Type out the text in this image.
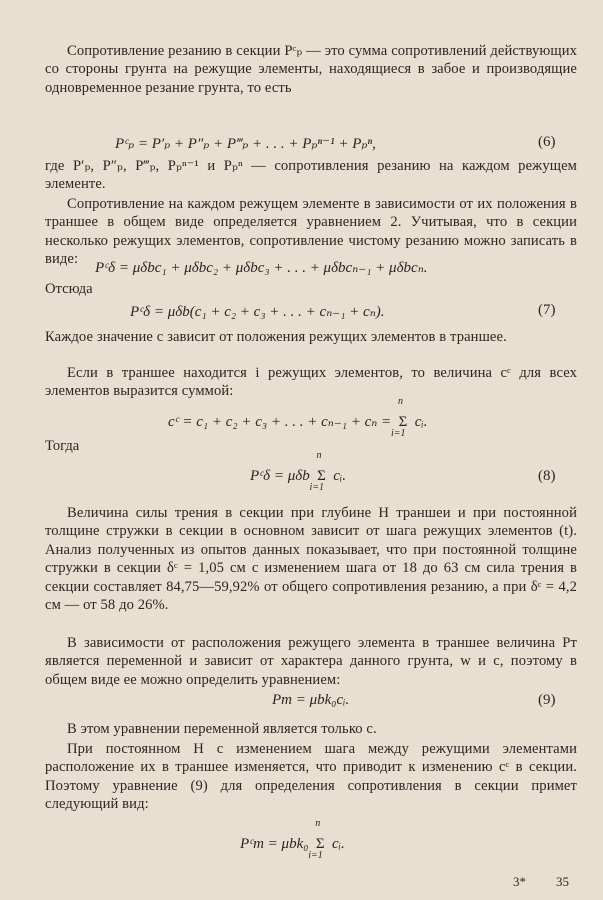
Сопротивление резанию в секции Pᶜₚ — это сумма сопротивлений действующих со стороны грунта на режущие элементы, находящиеся в забое и производящие одновременное резание грунта, то есть
Pᶜₚ = P′ₚ + P″ₚ + P‴ₚ + . . . + Pₚⁿ⁻¹ + Pₚⁿ,	(6)
где P′ₚ, P″ₚ, P‴ₚ, Pₚⁿ⁻¹ и Pₚⁿ — сопротивления резанию на каждом режущем элементе.
Сопротивление на каждом режущем элементе в зависимости от их положения в траншее в общем виде определяется уравнением 2. Учитывая, что в секции несколько режущих элементов, сопротивление чистому резанию можно записать в виде:
Pᶜδ = μδbc₁ + μδbc₂ + μδbc₃ + . . . + μδbcₙ₋₁ + μδbcₙ.
Отсюда
Pᶜδ = μδb(c₁ + c₂ + c₃ + . . . + cₙ₋₁ + cₙ).	(7)
Каждое значение c зависит от положения режущих элементов в траншее.
Если в траншее находится i режущих элементов, то величина cᶜ для всех элементов выразится суммой:
cᶜ = c₁ + c₂ + c₃ + . . . + cₙ₋₁ + cₙ =
n
Σ
i=1
cᵢ.
Тогда
Pᶜδ = μδb
n
Σ
i=1
cᵢ.	(8)
Величина силы трения в секции при глубине H траншеи и при постоянной толщине стружки в секции в основном зависит от шага режущих элементов (t). Анализ полученных из опытов данных показывает, что при постоянной толщине стружки в секции δᶜ = 1,05 см с изменением шага от 18 до 63 см сила трения в секции составляет 84,75—59,92% от общего сопротивления резанию, а при δᶜ = 4,2 см — от 58 до 26%.
В зависимости от расположения режущего элемента в траншее величина Pт является переменной и зависит от характера данного грунта, w и c, поэтому в общем виде ее можно определить уравнением:
Pт = μbk₀cᵢ.	(9)
В этом уравнении переменной является только c.
При постоянном H с изменением шага между режущими элементами расположение их в траншее изменяется, что приводит к изменению cᶜ в секции. Поэтому уравнение (9) для определения сопротивления в секции примет следующий вид:
Pᶜт = μbk₀
n
Σ
i=1
cᵢ.
3* 35
